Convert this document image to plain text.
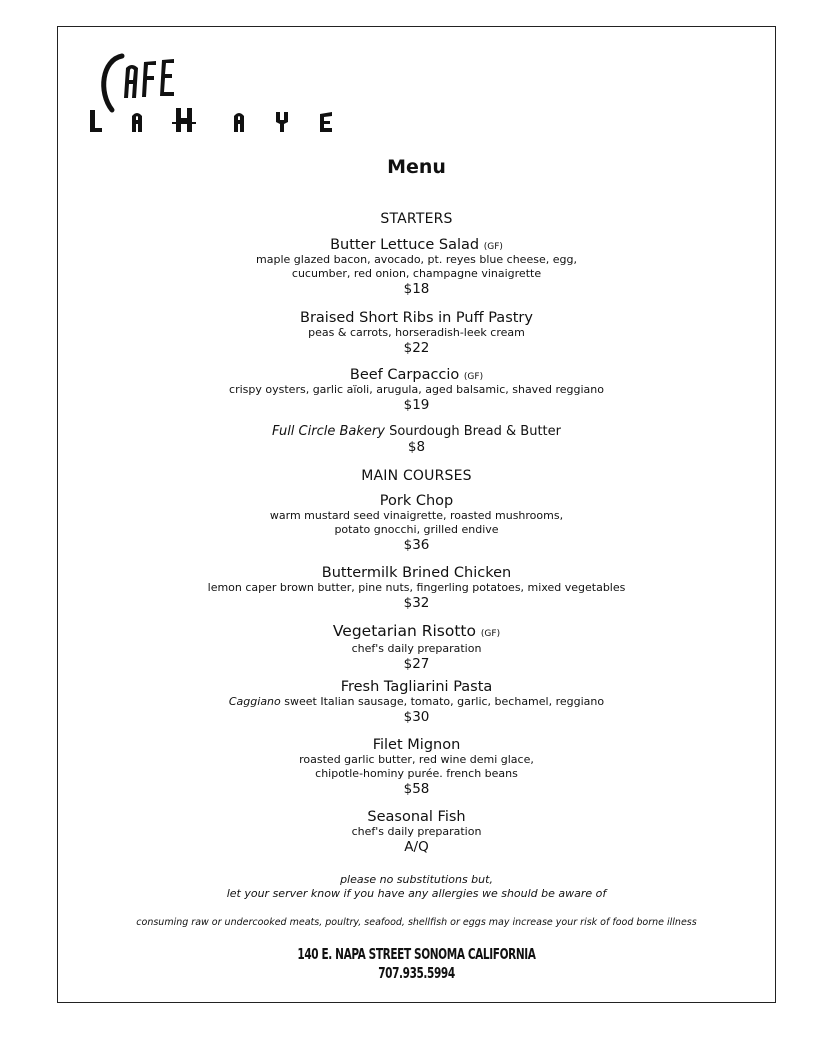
Menu
STARTERS
Butter Lettuce Salad (GF)
maple glazed bacon, avocado, pt. reyes blue cheese, egg,
cucumber, red onion, champagne vinaigrette
$18
Braised Short Ribs in Puff Pastry
peas & carrots, horseradish-leek cream
$22
Beef Carpaccio (GF)
crispy oysters, garlic aïoli, arugula, aged balsamic, shaved reggiano
$19
Full Circle Bakery Sourdough Bread & Butter
$8
MAIN COURSES
Pork Chop
warm mustard seed vinaigrette, roasted mushrooms,
potato gnocchi, grilled endive
$36
Buttermilk Brined Chicken
lemon caper brown butter, pine nuts, fingerling potatoes, mixed vegetables
$32
Vegetarian Risotto (GF)
chef's daily preparation
$27
Fresh Tagliarini Pasta
Caggiano sweet Italian sausage, tomato, garlic, bechamel, reggiano
$30
Filet Mignon
roasted garlic butter, red wine demi glace,
chipotle-hominy purée. french beans
$58
Seasonal Fish
chef's daily preparation
A/Q
please no substitutions but,
let your server know if you have any allergies we should be aware of
consuming raw or undercooked meats, poultry, seafood, shellfish or eggs may increase your risk of food borne illness
140 E. NAPA STREET SONOMA CALIFORNIA
707.935.5994
